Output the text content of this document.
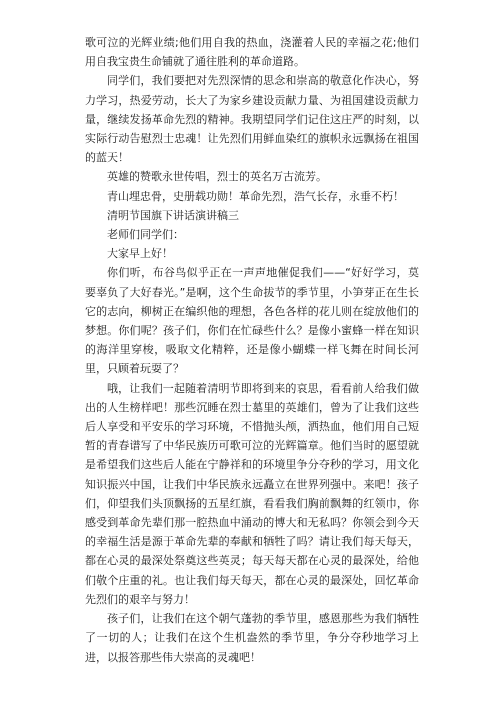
歌可泣的光辉业绩;他们用自我的热血，浇灌着人民的幸福之花;他们用自我宝贵生命铺就了通往胜利的革命道路。

同学们，我们要把对先烈深情的思念和崇高的敬意化作决心，努力学习，热爱劳动，长大了为家乡建设贡献力量、为祖国建设贡献力量，继续发扬革命先烈的精神。我期望同学们记住这庄严的时刻，以实际行动告慰烈士忠魂！让先烈们用鲜血染红的旗帜永远飘扬在祖国的蓝天！

英雄的赞歌永世传唱，烈士的英名万古流芳。

青山埋忠骨，史册载功勋！革命先烈，浩气长存，永垂不朽！

清明节国旗下讲话演讲稿三

老师们同学们：

大家早上好！

你们听，布谷鸟似乎正在一声声地催促我们——“好好学习，莫要辜负了大好春光。”是啊，这个生命拔节的季节里，小笋芽正在生长它的志向，柳树正在编织他的理想，各色各样的花儿则在绽放他们的梦想。你们呢？孩子们，你们在忙碌些什么？是像小蜜蜂一样在知识的海洋里穿梭，吸取文化精粹，还是像小蝴蝶一样飞舞在时间长河里，只顾着玩耍了？

哦，让我们一起随着清明节即将到来的哀思，看看前人给我们做出的人生榜样吧！那些沉睡在烈士墓里的英雄们，曾为了让我们这些后人享受和平安乐的学习环境，不惜抛头颅，洒热血，他们用自己短暂的青春谱写了中华民族历可歌可泣的光辉篇章。他们当时的愿望就是希望我们这些后人能在宁静祥和的环境里争分夺秒的学习，用文化知识振兴中国，让我们中华民族永远矗立在世界列强中。来吧！孩子们，仰望我们头顶飘扬的五星红旗，看看我们胸前飘舞的红领巾，你感受到革命先辈们那一腔热血中涌动的博大和无私吗？你领会到今天的幸福生活是源于革命先辈的奉献和牺牲了吗？请让我们每天每天，都在心灵的最深处祭奠这些英灵；每天每天都在心灵的最深处，给他们敬个庄重的礼。也让我们每天每天，都在心灵的最深处，回忆革命先烈们的艰辛与努力！

孩子们，让我们在这个朝气蓬勃的季节里，感恩那些为我们牺牲了一切的人；让我们在这个生机盎然的季节里，争分夺秒地学习上进，以报答那些伟大崇高的灵魂吧！
